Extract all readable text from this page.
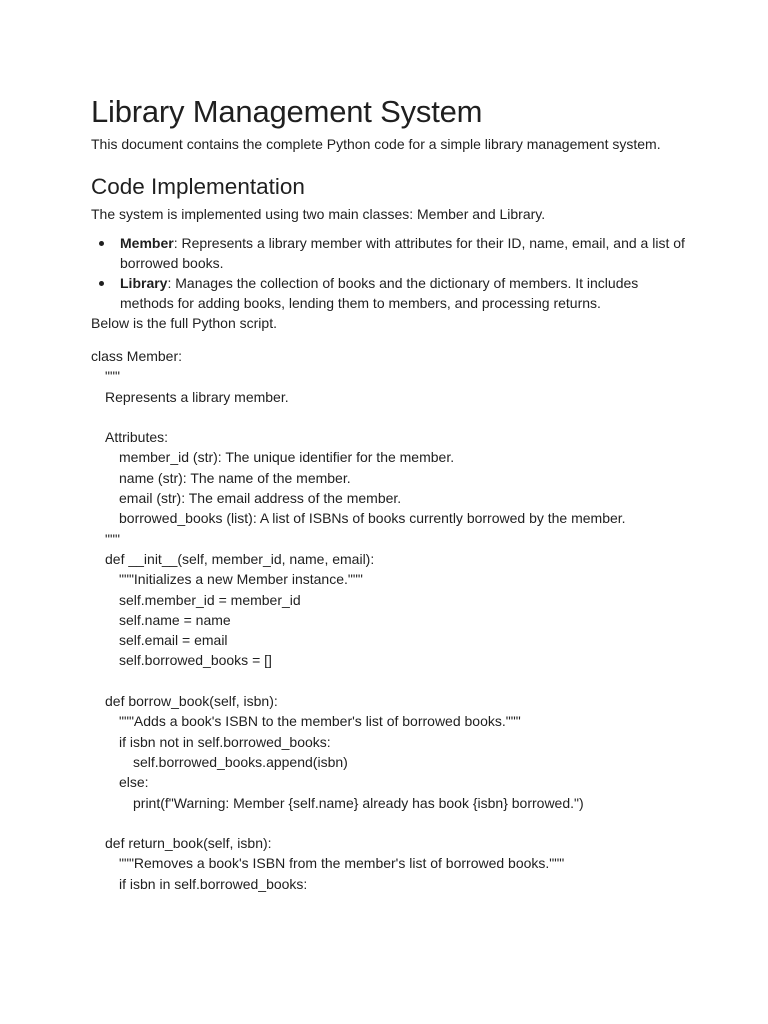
Library Management System

This document contains the complete Python code for a simple library management system.

Code Implementation

The system is implemented using two main classes: Member and Library.

Member: Represents a library member with attributes for their ID, name, email, and a list of borrowed books.
Library: Manages the collection of books and the dictionary of members. It includes methods for adding books, lending them to members, and processing returns.

Below is the full Python script.

class Member:
"""
Represents a library member.
Attributes:
member_id (str): The unique identifier for the member.
name (str): The name of the member.
email (str): The email address of the member.
borrowed_books (list): A list of ISBNs of books currently borrowed by the member.
"""
def __init__(self, member_id, name, email):
"""Initializes a new Member instance."""
self.member_id = member_id
self.name = name
self.email = email
self.borrowed_books = []
def borrow_book(self, isbn):
"""Adds a book's ISBN to the member's list of borrowed books."""
if isbn not in self.borrowed_books:
self.borrowed_books.append(isbn)
else:
print(f"Warning: Member {self.name} already has book {isbn} borrowed.")
def return_book(self, isbn):
"""Removes a book's ISBN from the member's list of borrowed books."""
if isbn in self.borrowed_books:
